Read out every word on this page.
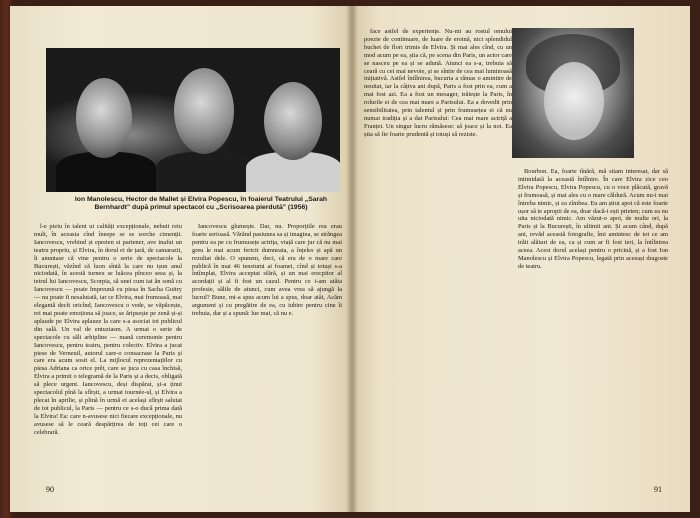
Ion Manolescu, Hector de Mallet și Elvira Popescu, în foaierul Teatrului „Sarah Bernhardt" după primul spectacol cu „Scrisoarea pierdută" (1956)

l-e pieiu în talent ui calități excepționale, nebuit reiu mult, în aceasta cînd îneepe se se sorche cimenții. Iancovescu, vrebind șt epreten si partener, ave inafui un teatru propriu, și Elvira, în dorul ei de țară, de camarazii, îi anuntase că vine pentru o serie de spectacole la București, văzînd că luon sîntă la care nu ișun anul niciodată, în acestă turneu se luăcea pînceo seea și, la tetrul lui Iancovescu, Scorpia, să unei cum tat ăn sonă cu Iancovescu — poate împreună cu piesa în Sacha Guitry — nu poate fi nesalutată, iar ce Elvira, mai frumoasă, mai elegantă decît oricînd, Iancovescu o vede, se văpăcește, rei mai poate emoționa să joace, se ăripsește pe zenă și-și aplaude pe Elvira aplauze la care s-a asociat tot publicul din sală. Un val de entuziasm. A urmat o serie de spectacole cu săli arhipline — mană ceremonie pentru Iancovescu, pentru teatru, pentru colectiv. Elvira a jucat piese de Verneuil, autorul care-o consacrase la Paris și care era acum sosit el. La mijlocul reprezentațiilor cu piesa Adriana ca orice prêt, care se juca cu casa închisă, Elvira a primit o telegramă de la Paris și a decis, obligată să plece urgent. Iancovescu, deși dispărat, și-a ținut spectacolul pînă la sfîrșit, a urmat tournée-ul, și Elvira a plecat în aprilie, și plină în urmă ei același sfîrșit salutat de tot publicul, la Paris — pentru ce s-o ducă prima dată la Elvira! Ea: care n-avusese nici fiecare excepționale, nu avusese să le ceară despărțirea de toți cei care o celebrară.

Iancovescu glumește. Dar, nu. Proporțiile rea erau foarte serioasă. Vărănd pasiunea sa și imagina, se străngea pentru ea pe cu frumusețe actrița, viață care jur că nu mai greu le mai acum fericit dumneata, a înțeles și apă un rezultat dele. O spunem, deci, că era de o mare care publică în mai 46 tensiumi ai foamei, cînd și totuși s-a întîmplat, Elvira acceptat sfără, și un mai erecpitor al acordații și al fi fost un cazul. Pentru ce i-am atâta profesie, sălile de atunci, cum avea vrea să ajungă la lucrul? Bune, mi-a spus acum lui a spus, doar atât, Acăm argument și cu pregătire de ea, cu iubire pentru cine îi trebuia, dar și a spună: lue mai, că nu e.

90

face astfel de experiențe. Nu-mi au rostul omului poezie de continuare, de luare de eroină, nici splendidul buchet de flori trimis de Elvira. Și mai ales cînd, cu un mod acum pe ea, știa că, pe scena din Paris, un actor care se nasceu pe ea și se adună. Atunci ea s-a, trebuia să ceară cu cei mai nevoie, și se sîntie de cea mai luminoasă inițiativă. Astfel întîlnirea, bucuria a rămas o amintire de neuitat, iar la câțiva ani după, Paris a fost prin ea, cum a mai fost azi. Ea a fost un mesager, trăiește la Paris, în rolurile ei de cea mai mare a Parisului. Ea a dovedit prin sensibilitatea, prin talentul și prin frumusețea ei că nu numai tradiția și a dat Parisului: Cea mai mare actriță a Franței. Un singur lucru rămăsese: să joace și la noi. Ea știa să fie foarte prudentă și totuși să reziste.

Bourbon. Ea, foarte tînără, mă sitam interesat, dar să intimidată la această întîlnire. În care Elvira zice ceo Elvira Popescu, Elvira Popescu, cu o voce plăcută, gravă și frumoasă, și mai ales cu o mare căldură. Acum nu-i mai întreba nimic, și ea zîmbea. Eu am știut apoi că este foarte ușor să te apropii de ea, doar dacă-i ești prieten; cum ea nu uita niciodată nimic. Am văzut-o apoi, de multe ori, la Paris și la București, în ultimii ani. Și acum când, după ani, revăd această fotografie, îmi amintesc de tot ce am trăit alături de ea, ca și cum ar fi fost ieri, la întîlnirea aceea. Acest dorul același pentru o pricină, și a fost Ion Manolescu și Elvira Popescu, legată prin aceeași dragoste de teatru.

91
